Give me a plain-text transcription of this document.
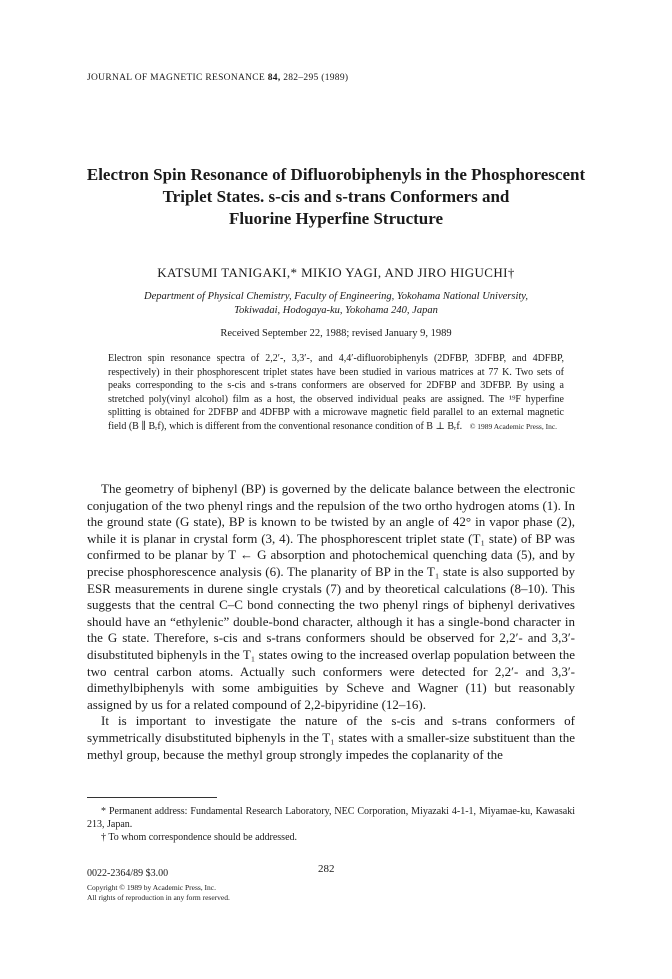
JOURNAL OF MAGNETIC RESONANCE 84, 282–295 (1989)
Electron Spin Resonance of Difluorobiphenyls in the Phosphorescent
Triplet States. s-cis and s-trans Conformers and
Fluorine Hyperfine Structure
KATSUMI TANIGAKI,* MIKIO YAGI, AND JIRO HIGUCHI†
Department of Physical Chemistry, Faculty of Engineering, Yokohama National University,
Tokiwadai, Hodogaya-ku, Yokohama 240, Japan
Received September 22, 1988; revised January 9, 1989
Electron spin resonance spectra of 2,2′-, 3,3′-, and 4,4′-difluorobiphenyls (2DFBP, 3DFBP, and 4DFBP, respectively) in their phosphorescent triplet states have been studied in various matrices at 77 K. Two sets of peaks corresponding to the s-cis and s-trans conformers are observed for 2DFBP and 3DFBP. By using a stretched poly(vinyl alcohol) film as a host, the observed individual peaks are assigned. The ¹⁹F hyperfine splitting is obtained for 2DFBP and 4DFBP with a microwave magnetic field parallel to an external magnetic field (B ∥ Bᵣf), which is different from the conventional resonance condition of B ⊥ Bᵣf. © 1989 Academic Press, Inc.

The geometry of biphenyl (BP) is governed by the delicate balance between the electronic conjugation of the two phenyl rings and the repulsion of the two ortho hydrogen atoms (1). In the ground state (G state), BP is known to be twisted by an angle of 42° in vapor phase (2), while it is planar in crystal form (3, 4). The phosphorescent triplet state (T₁ state) of BP was confirmed to be planar by T ← G absorption and photochemical quenching data (5), and by precise phosphorescence analysis (6). The planarity of BP in the T₁ state is also supported by ESR measurements in durene single crystals (7) and by theoretical calculations (8–10). This suggests that the central C–C bond connecting the two phenyl rings of biphenyl derivatives should have an “ethylenic” double-bond character, although it has a single-bond character in the G state. Therefore, s-cis and s-trans conformers should be observed for 2,2′- and 3,3′-disubstituted biphenyls in the T₁ states owing to the increased overlap population between the two central carbon atoms. Actually such conformers were detected for 2,2′- and 3,3′-dimethylbiphenyls with some ambiguities by Scheve and Wagner (11) but reasonably assigned by us for a related compound of 2,2-bipyridine (12–16).

It is important to investigate the nature of the s-cis and s-trans conformers of symmetrically disubstituted biphenyls in the T₁ states with a smaller-size substituent than the methyl group, because the methyl group strongly impedes the coplanarity of the

* Permanent address: Fundamental Research Laboratory, NEC Corporation, Miyazaki 4-1-1, Miyamae-ku, Kawasaki 213, Japan.

† To whom correspondence should be addressed.

0022-2364/89 $3.00	282
Copyright © 1989 by Academic Press, Inc.
All rights of reproduction in any form reserved.
